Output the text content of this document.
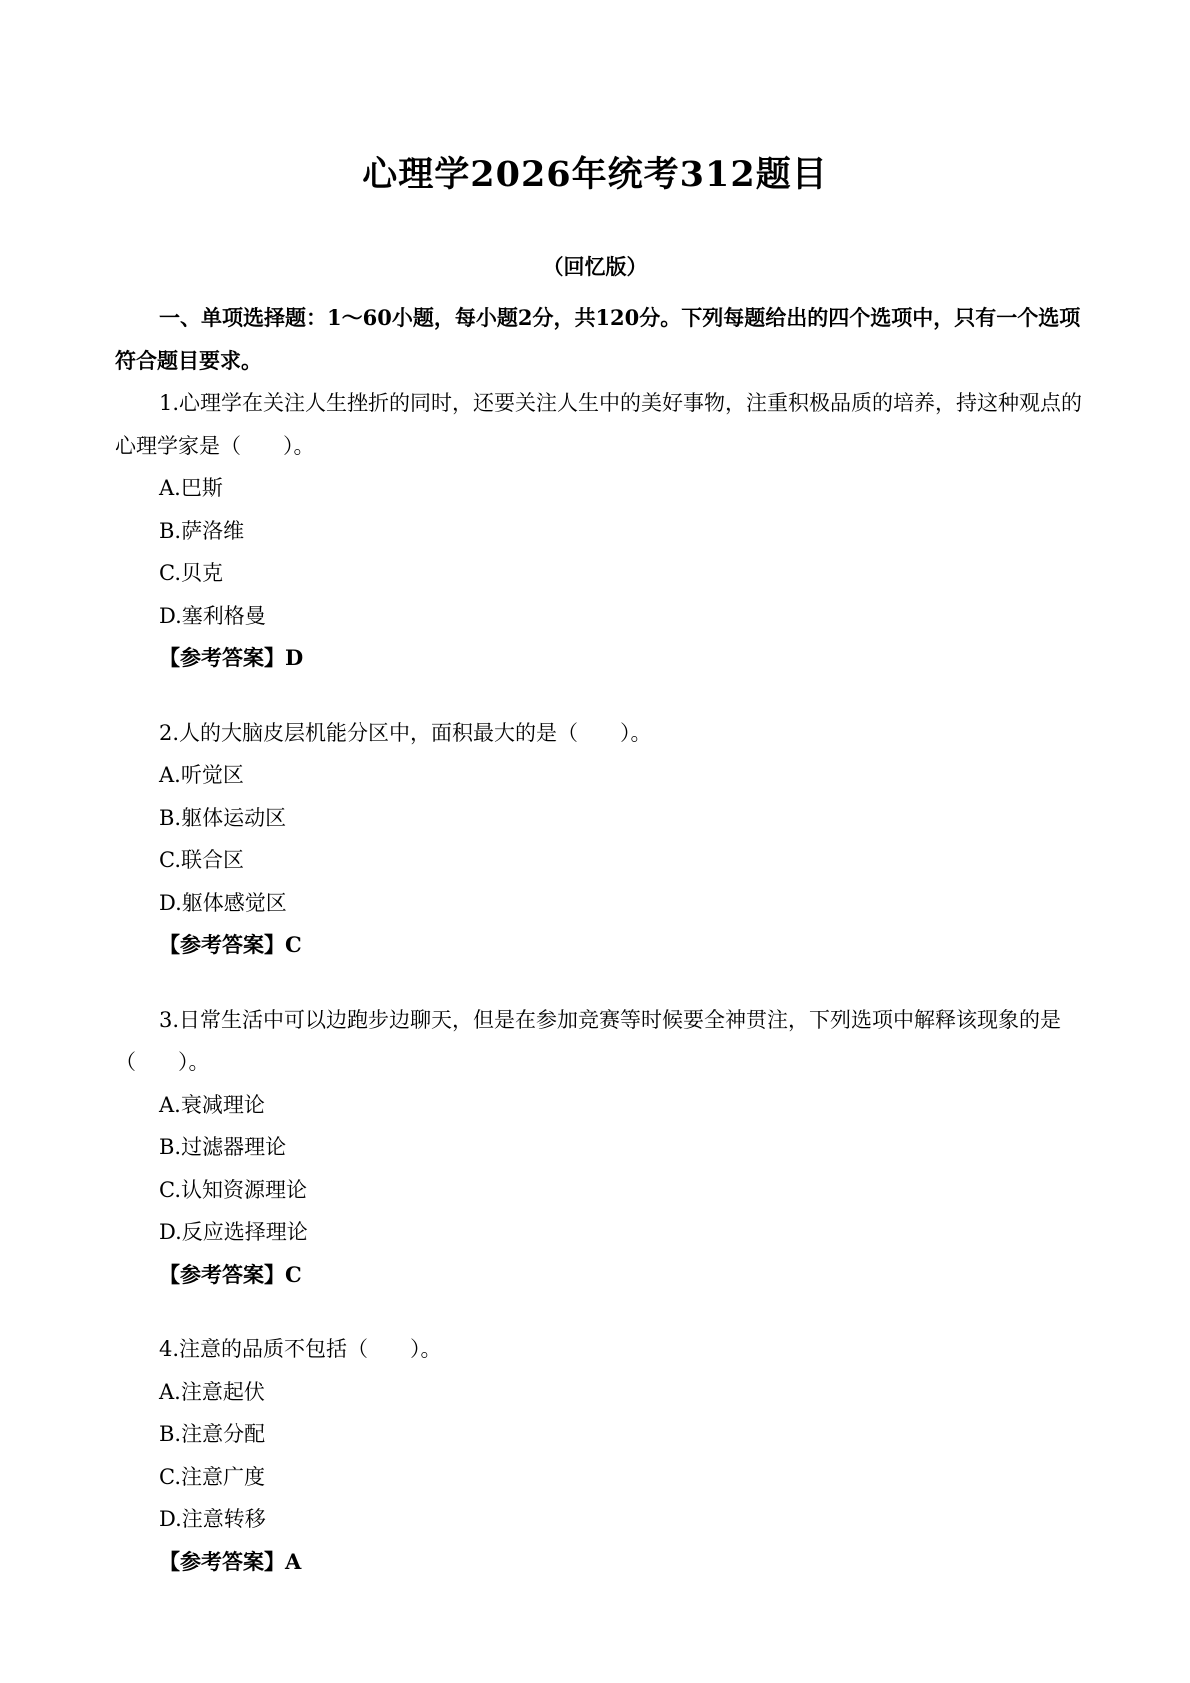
心理学2026年统考312题目
（回忆版）

一、单项选择题：1～60小题，每小题2分，共120分。下列每题给出的四个选项中，只有一个选项符合题目要求。

1.心理学在关注人生挫折的同时，还要关注人生中的美好事物，注重积极品质的培养，持这种观点的心理学家是（　　）。

A.巴斯

B.萨洛维

C.贝克

D.塞利格曼

【参考答案】D

2.人的大脑皮层机能分区中，面积最大的是（　　）。

A.听觉区

B.躯体运动区

C.联合区

D.躯体感觉区

【参考答案】C

3.日常生活中可以边跑步边聊天，但是在参加竞赛等时候要全神贯注，下列选项中解释该现象的是（　　）。

A.衰减理论

B.过滤器理论

C.认知资源理论

D.反应选择理论

【参考答案】C

4.注意的品质不包括（　　）。

A.注意起伏

B.注意分配

C.注意广度

D.注意转移

【参考答案】A
